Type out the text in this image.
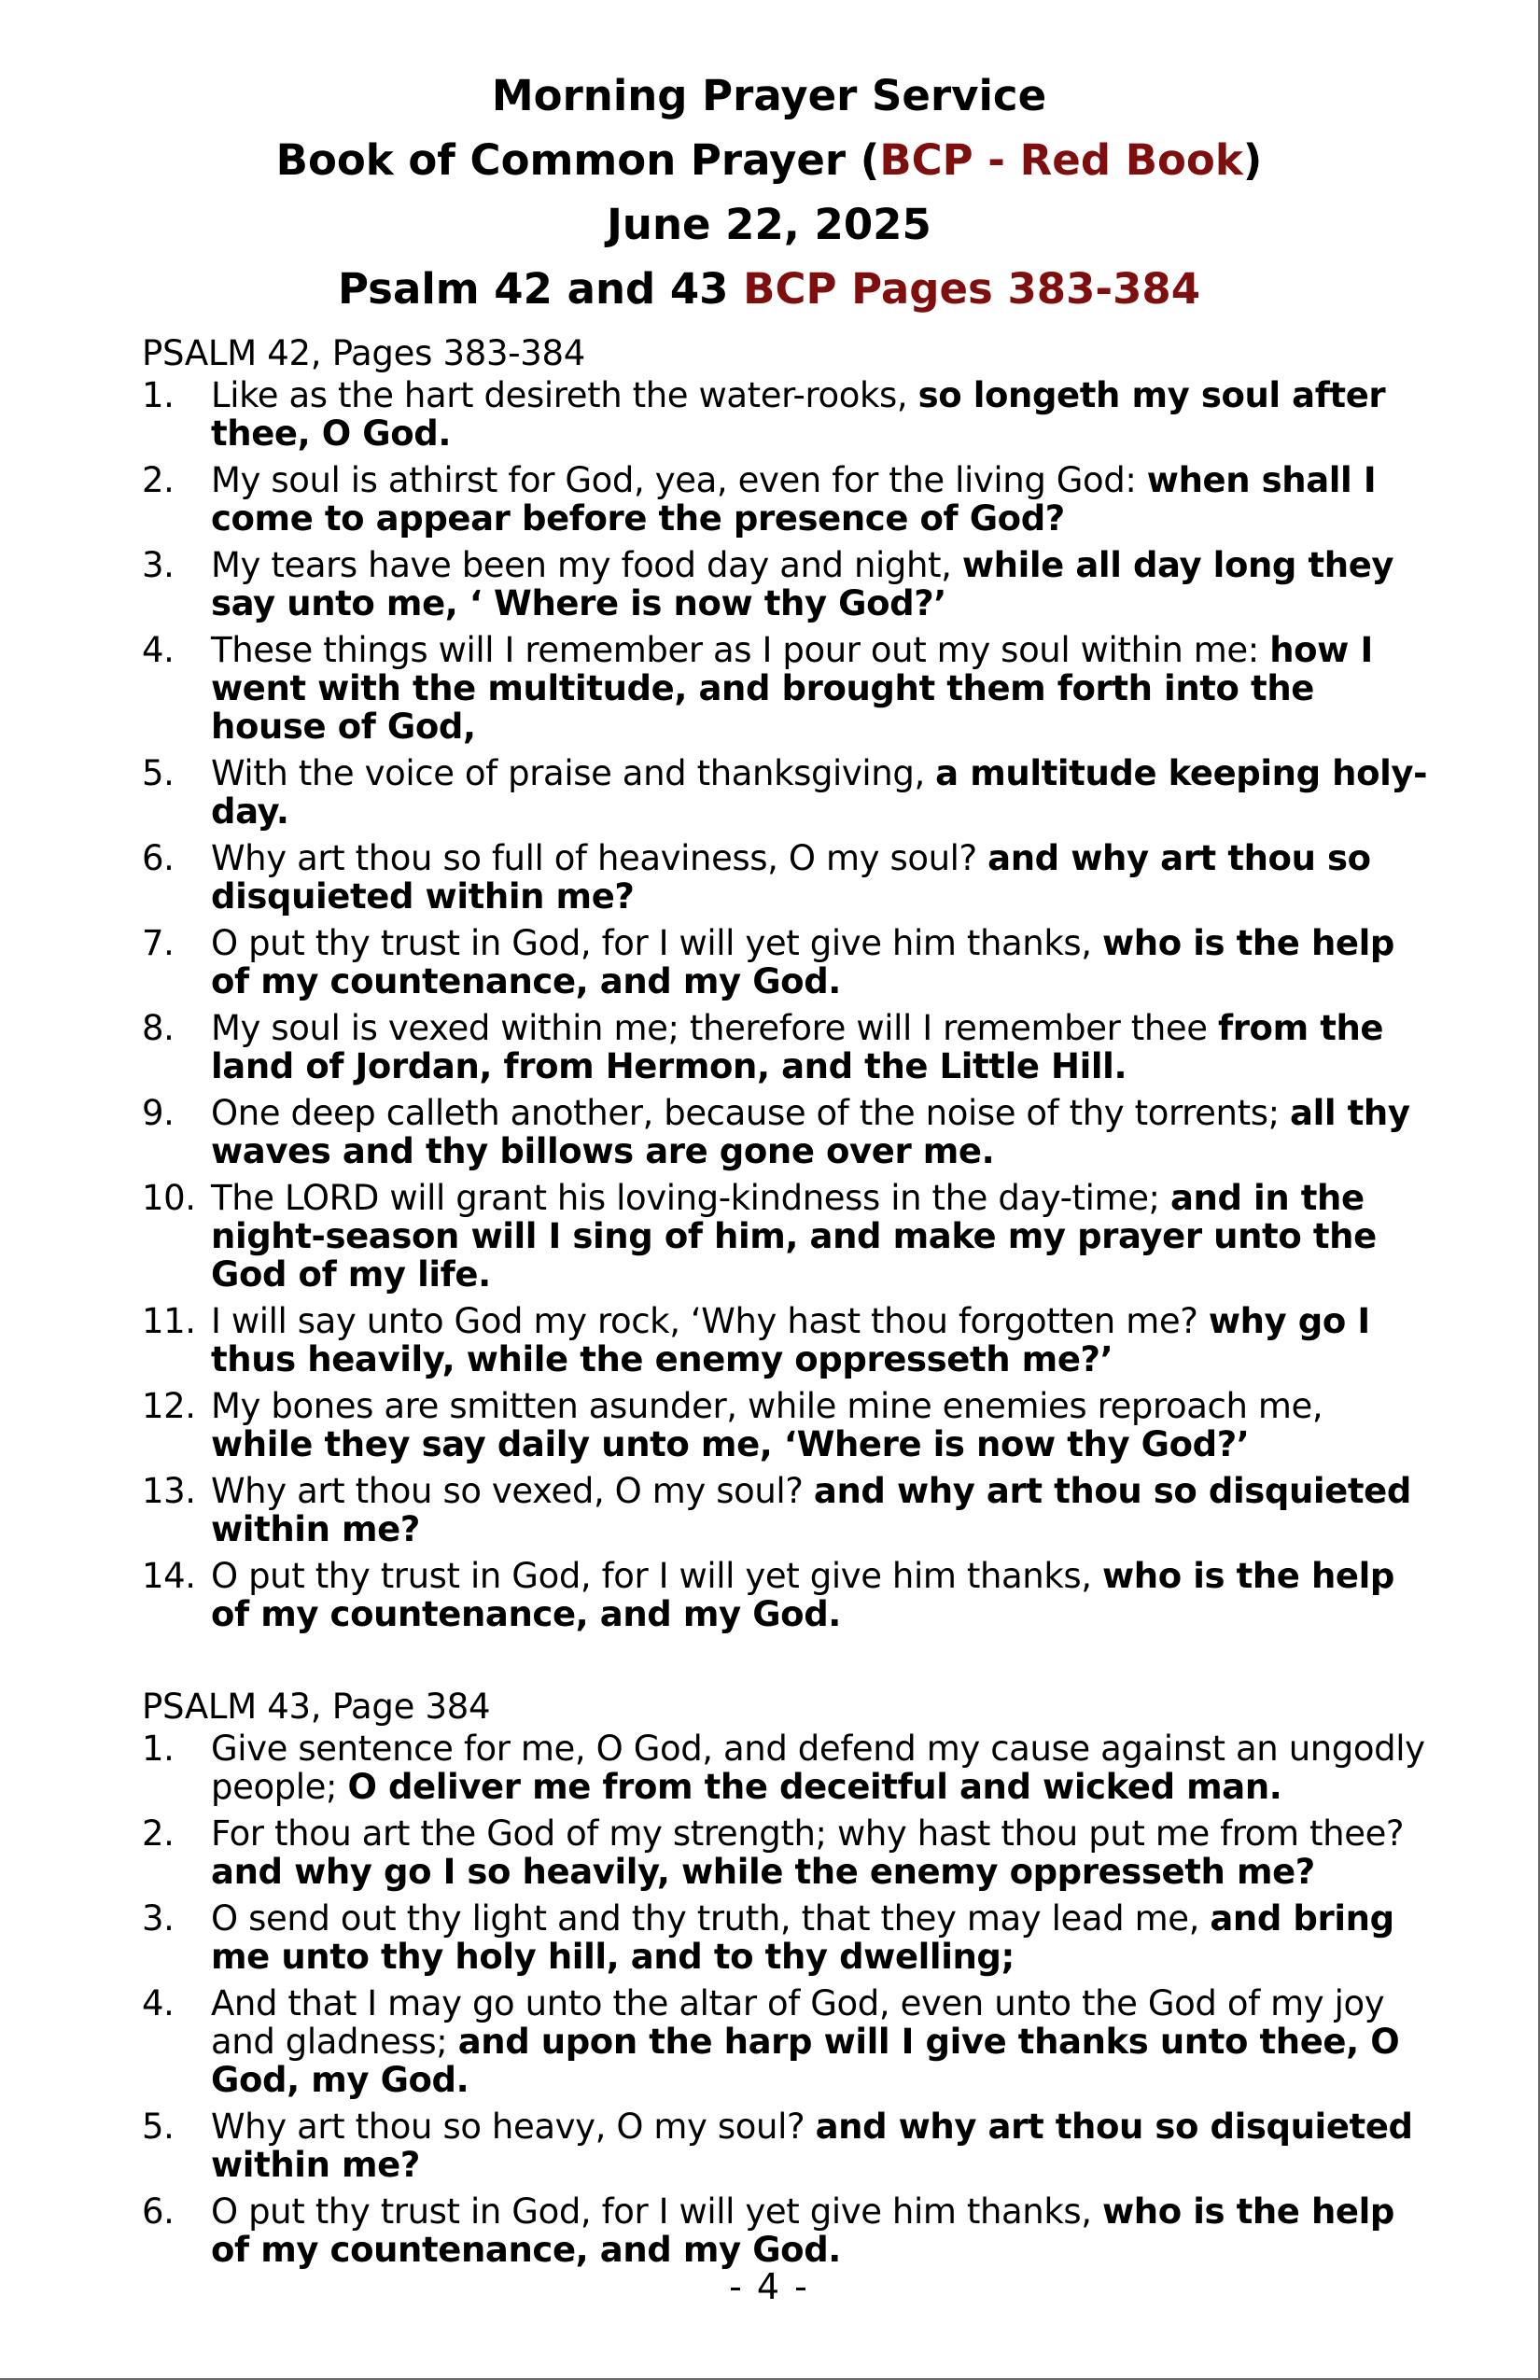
Morning Prayer Service
Book of Common Prayer (BCP - Red Book)
June 22, 2025
Psalm 42 and 43 BCP Pages 383-384
PSALM 42, Pages 383-384
1. Like as the hart desireth the water-rooks, so longeth my soul after thee, O God.
2. My soul is athirst for God, yea, even for the living God: when shall I come to appear before the presence of God?
3. My tears have been my food day and night, while all day long they say unto me, ‘ Where is now thy God?’
4. These things will I remember as I pour out my soul within me: how I went with the multitude, and brought them forth into the house of God,
5. With the voice of praise and thanksgiving, a multitude keeping holy-day.
6. Why art thou so full of heaviness, O my soul? and why art thou so disquieted within me?
7. O put thy trust in God, for I will yet give him thanks, who is the help of my countenance, and my God.
8. My soul is vexed within me; therefore will I remember thee from the land of Jordan, from Hermon, and the Little Hill.
9. One deep calleth another, because of the noise of thy torrents; all thy waves and thy billows are gone over me.
10. The LORD will grant his loving-kindness in the day-time; and in the night-season will I sing of him, and make my prayer unto the God of my life.
11. I will say unto God my rock, ‘Why hast thou forgotten me? why go I thus heavily, while the enemy oppresseth me?’
12. My bones are smitten asunder, while mine enemies reproach me, while they say daily unto me, ‘Where is now thy God?’
13. Why art thou so vexed, O my soul? and why art thou so disquieted within me?
14. O put thy trust in God, for I will yet give him thanks, who is the help of my countenance, and my God.
PSALM 43, Page 384
1. Give sentence for me, O God, and defend my cause against an ungodly people; O deliver me from the deceitful and wicked man.
2. For thou art the God of my strength; why hast thou put me from thee? and why go I so heavily, while the enemy oppresseth me?
3. O send out thy light and thy truth, that they may lead me, and bring me unto thy holy hill, and to thy dwelling;
4. And that I may go unto the altar of God, even unto the God of my joy and gladness; and upon the harp will I give thanks unto thee, O God, my God.
5. Why art thou so heavy, O my soul? and why art thou so disquieted within me?
6. O put thy trust in God, for I will yet give him thanks, who is the help of my countenance, and my God.
- 4 -
